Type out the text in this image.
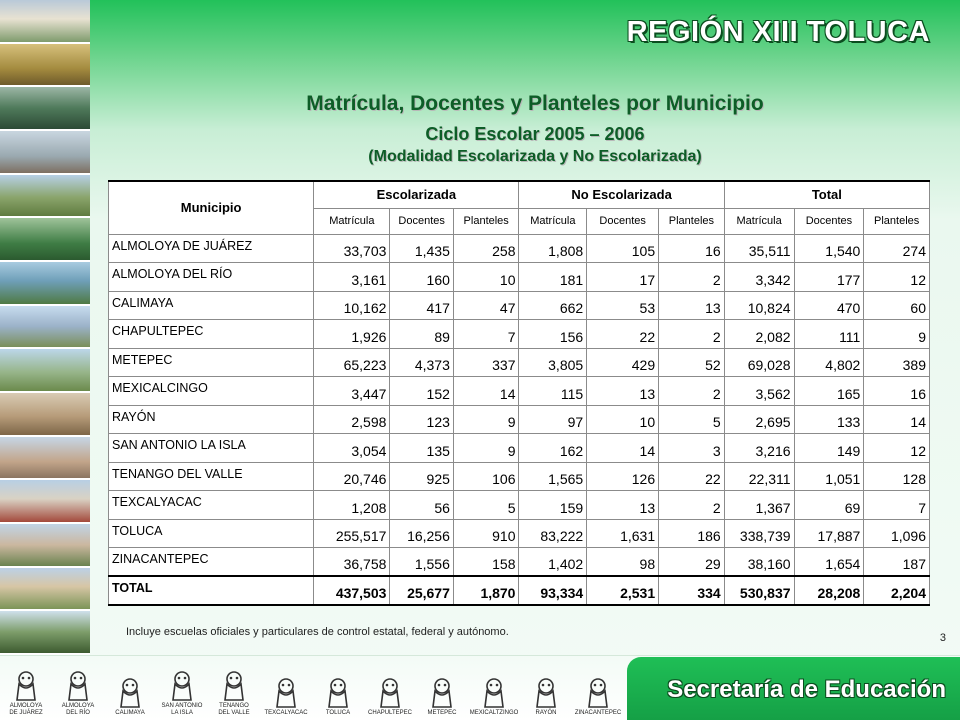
REGIÓN XIII TOLUCA
Matrícula, Docentes y Planteles por Municipio
Ciclo Escolar 2005 – 2006
(Modalidad Escolarizada y No Escolarizada)
Municipio	Escolarizada			No Escolarizada			Total		
	Matrícula	Docentes	Planteles	Matrícula	Docentes	Planteles	Matrícula	Docentes	Planteles
ALMOLOYA DE JUÁREZ	33,703	1,435	258	1,808	105	16	35,511	1,540	274
ALMOLOYA DEL RÍO	3,161	160	10	181	17	2	3,342	177	12
CALIMAYA	10,162	417	47	662	53	13	10,824	470	60
CHAPULTEPEC	1,926	89	7	156	22	2	2,082	111	9
METEPEC	65,223	4,373	337	3,805	429	52	69,028	4,802	389
MEXICALCINGO	3,447	152	14	115	13	2	3,562	165	16
RAYÓN	2,598	123	9	97	10	5	2,695	133	14
SAN ANTONIO LA ISLA	3,054	135	9	162	14	3	3,216	149	12
TENANGO DEL VALLE	20,746	925	106	1,565	126	22	22,311	1,051	128
TEXCALYACAC	1,208	56	5	159	13	2	1,367	69	7
TOLUCA	255,517	16,256	910	83,222	1,631	186	338,739	17,887	1,096
ZINACANTEPEC	36,758	1,556	158	1,402	98	29	38,160	1,654	187
TOTAL	437,503	25,677	1,870	93,334	2,531	334	530,837	28,208	2,204
Incluye escuelas oficiales y particulares de control estatal, federal y autónomo.	3
ALMOLOYA
DE JUÁREZ
ALMOLOYA
DEL RÍO	CALIMAYA
SAN ANTONIO
LA ISLA
TENANGO
DEL VALLE TEXCALYACAC	TOLUCA	CHAPULTEPEC	METEPEC MEXICALTZINGO	RAYÓN	ZINACANTEPEC
Secretaría de Educación
